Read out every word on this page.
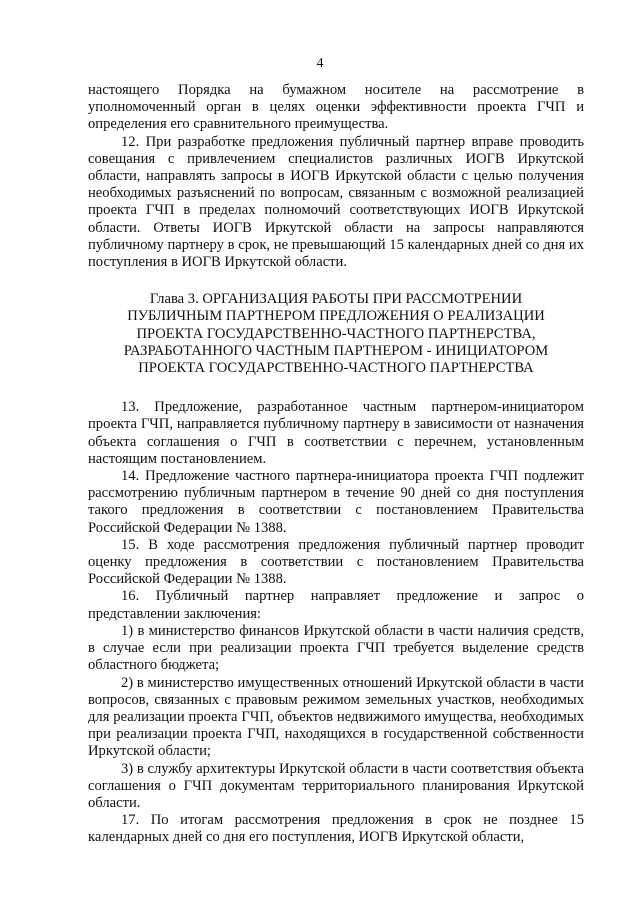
4

настоящего Порядка на бумажном носителе на рассмотрение в уполномоченный орган в целях оценки эффективности проекта ГЧП и определения его сравнительного преимущества.

12. При разработке предложения публичный партнер вправе проводить совещания с привлечением специалистов различных ИОГВ Иркутской области, направлять запросы в ИОГВ Иркутской области с целью получения необходимых разъяснений по вопросам, связанным с возможной реализацией проекта ГЧП в пределах полномочий соответствующих ИОГВ Иркутской области. Ответы ИОГВ Иркутской области на запросы направляются публичному партнеру в срок, не превышающий 15 календарных дней со дня их поступления в ИОГВ Иркутской области.

Глава 3. ОРГАНИЗАЦИЯ РАБОТЫ ПРИ РАССМОТРЕНИИ
ПУБЛИЧНЫМ ПАРТНЕРОМ ПРЕДЛОЖЕНИЯ О РЕАЛИЗАЦИИ
ПРОЕКТА ГОСУДАРСТВЕННО-ЧАСТНОГО ПАРТНЕРСТВА,
РАЗРАБОТАННОГО ЧАСТНЫМ ПАРТНЕРОМ - ИНИЦИАТОРОМ
ПРОЕКТА ГОСУДАРСТВЕННО-ЧАСТНОГО ПАРТНЕРСТВА

13. Предложение, разработанное частным партнером-инициатором проекта ГЧП, направляется публичному партнеру в зависимости от назначения объекта соглашения о ГЧП в соответствии с перечнем, установленным настоящим постановлением.

14. Предложение частного партнера-инициатора проекта ГЧП подлежит рассмотрению публичным партнером в течение 90 дней со дня поступления такого предложения в соответствии с постановлением Правительства Российской Федерации № 1388.

15. В ходе рассмотрения предложения публичный партнер проводит оценку предложения в соответствии с постановлением Правительства Российской Федерации № 1388.

16. Публичный партнер направляет предложение и запрос о представлении заключения:

1) в министерство финансов Иркутской области в части наличия средств, в случае если при реализации проекта ГЧП требуется выделение средств областного бюджета;

2) в министерство имущественных отношений Иркутской области в части вопросов, связанных с правовым режимом земельных участков, необходимых для реализации проекта ГЧП, объектов недвижимого имущества, необходимых при реализации проекта ГЧП, находящихся в государственной собственности Иркутской области;

3) в службу архитектуры Иркутской области в части соответствия объекта соглашения о ГЧП документам территориального планирования Иркутской области.

17. По итогам рассмотрения предложения в срок не позднее 15 календарных дней со дня его поступления, ИОГВ Иркутской области,
